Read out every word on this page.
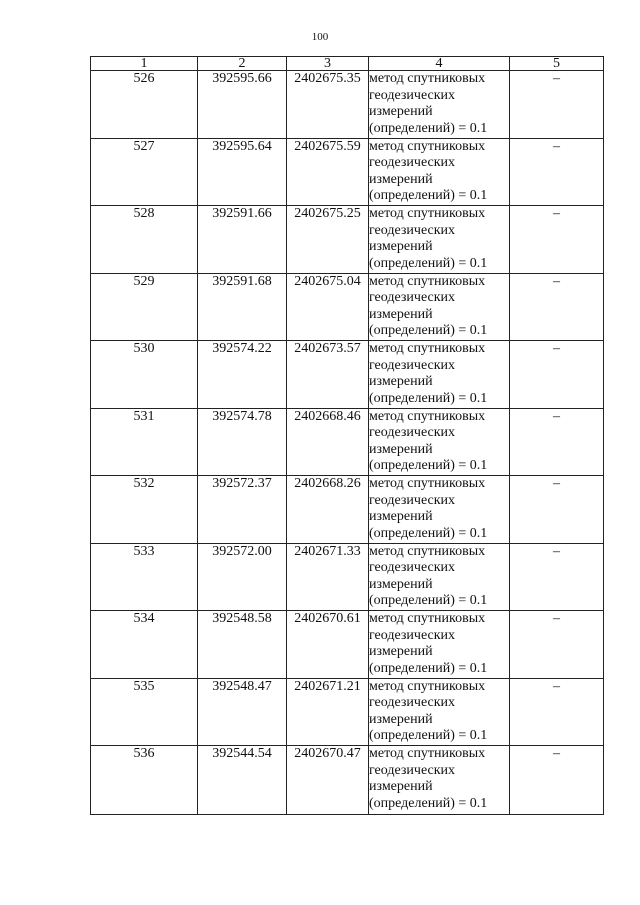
100
1	2	3	4	5
526	392595.66	2402675.35	метод спутниковых
геодезических
измерений
(определений) = 0.1	–
527	392595.64	2402675.59	метод спутниковых
геодезических
измерений
(определений) = 0.1	–
528	392591.66	2402675.25	метод спутниковых
геодезических
измерений
(определений) = 0.1	–
529	392591.68	2402675.04	метод спутниковых
геодезических
измерений
(определений) = 0.1	–
530	392574.22	2402673.57	метод спутниковых
геодезических
измерений
(определений) = 0.1	–
531	392574.78	2402668.46	метод спутниковых
геодезических
измерений
(определений) = 0.1	–
532	392572.37	2402668.26	метод спутниковых
геодезических
измерений
(определений) = 0.1	–
533	392572.00	2402671.33	метод спутниковых
геодезических
измерений
(определений) = 0.1	–
534	392548.58	2402670.61	метод спутниковых
геодезических
измерений
(определений) = 0.1	–
535	392548.47	2402671.21	метод спутниковых
геодезических
измерений
(определений) = 0.1	–
536	392544.54	2402670.47	метод спутниковых
геодезических
измерений
(определений) = 0.1	–
